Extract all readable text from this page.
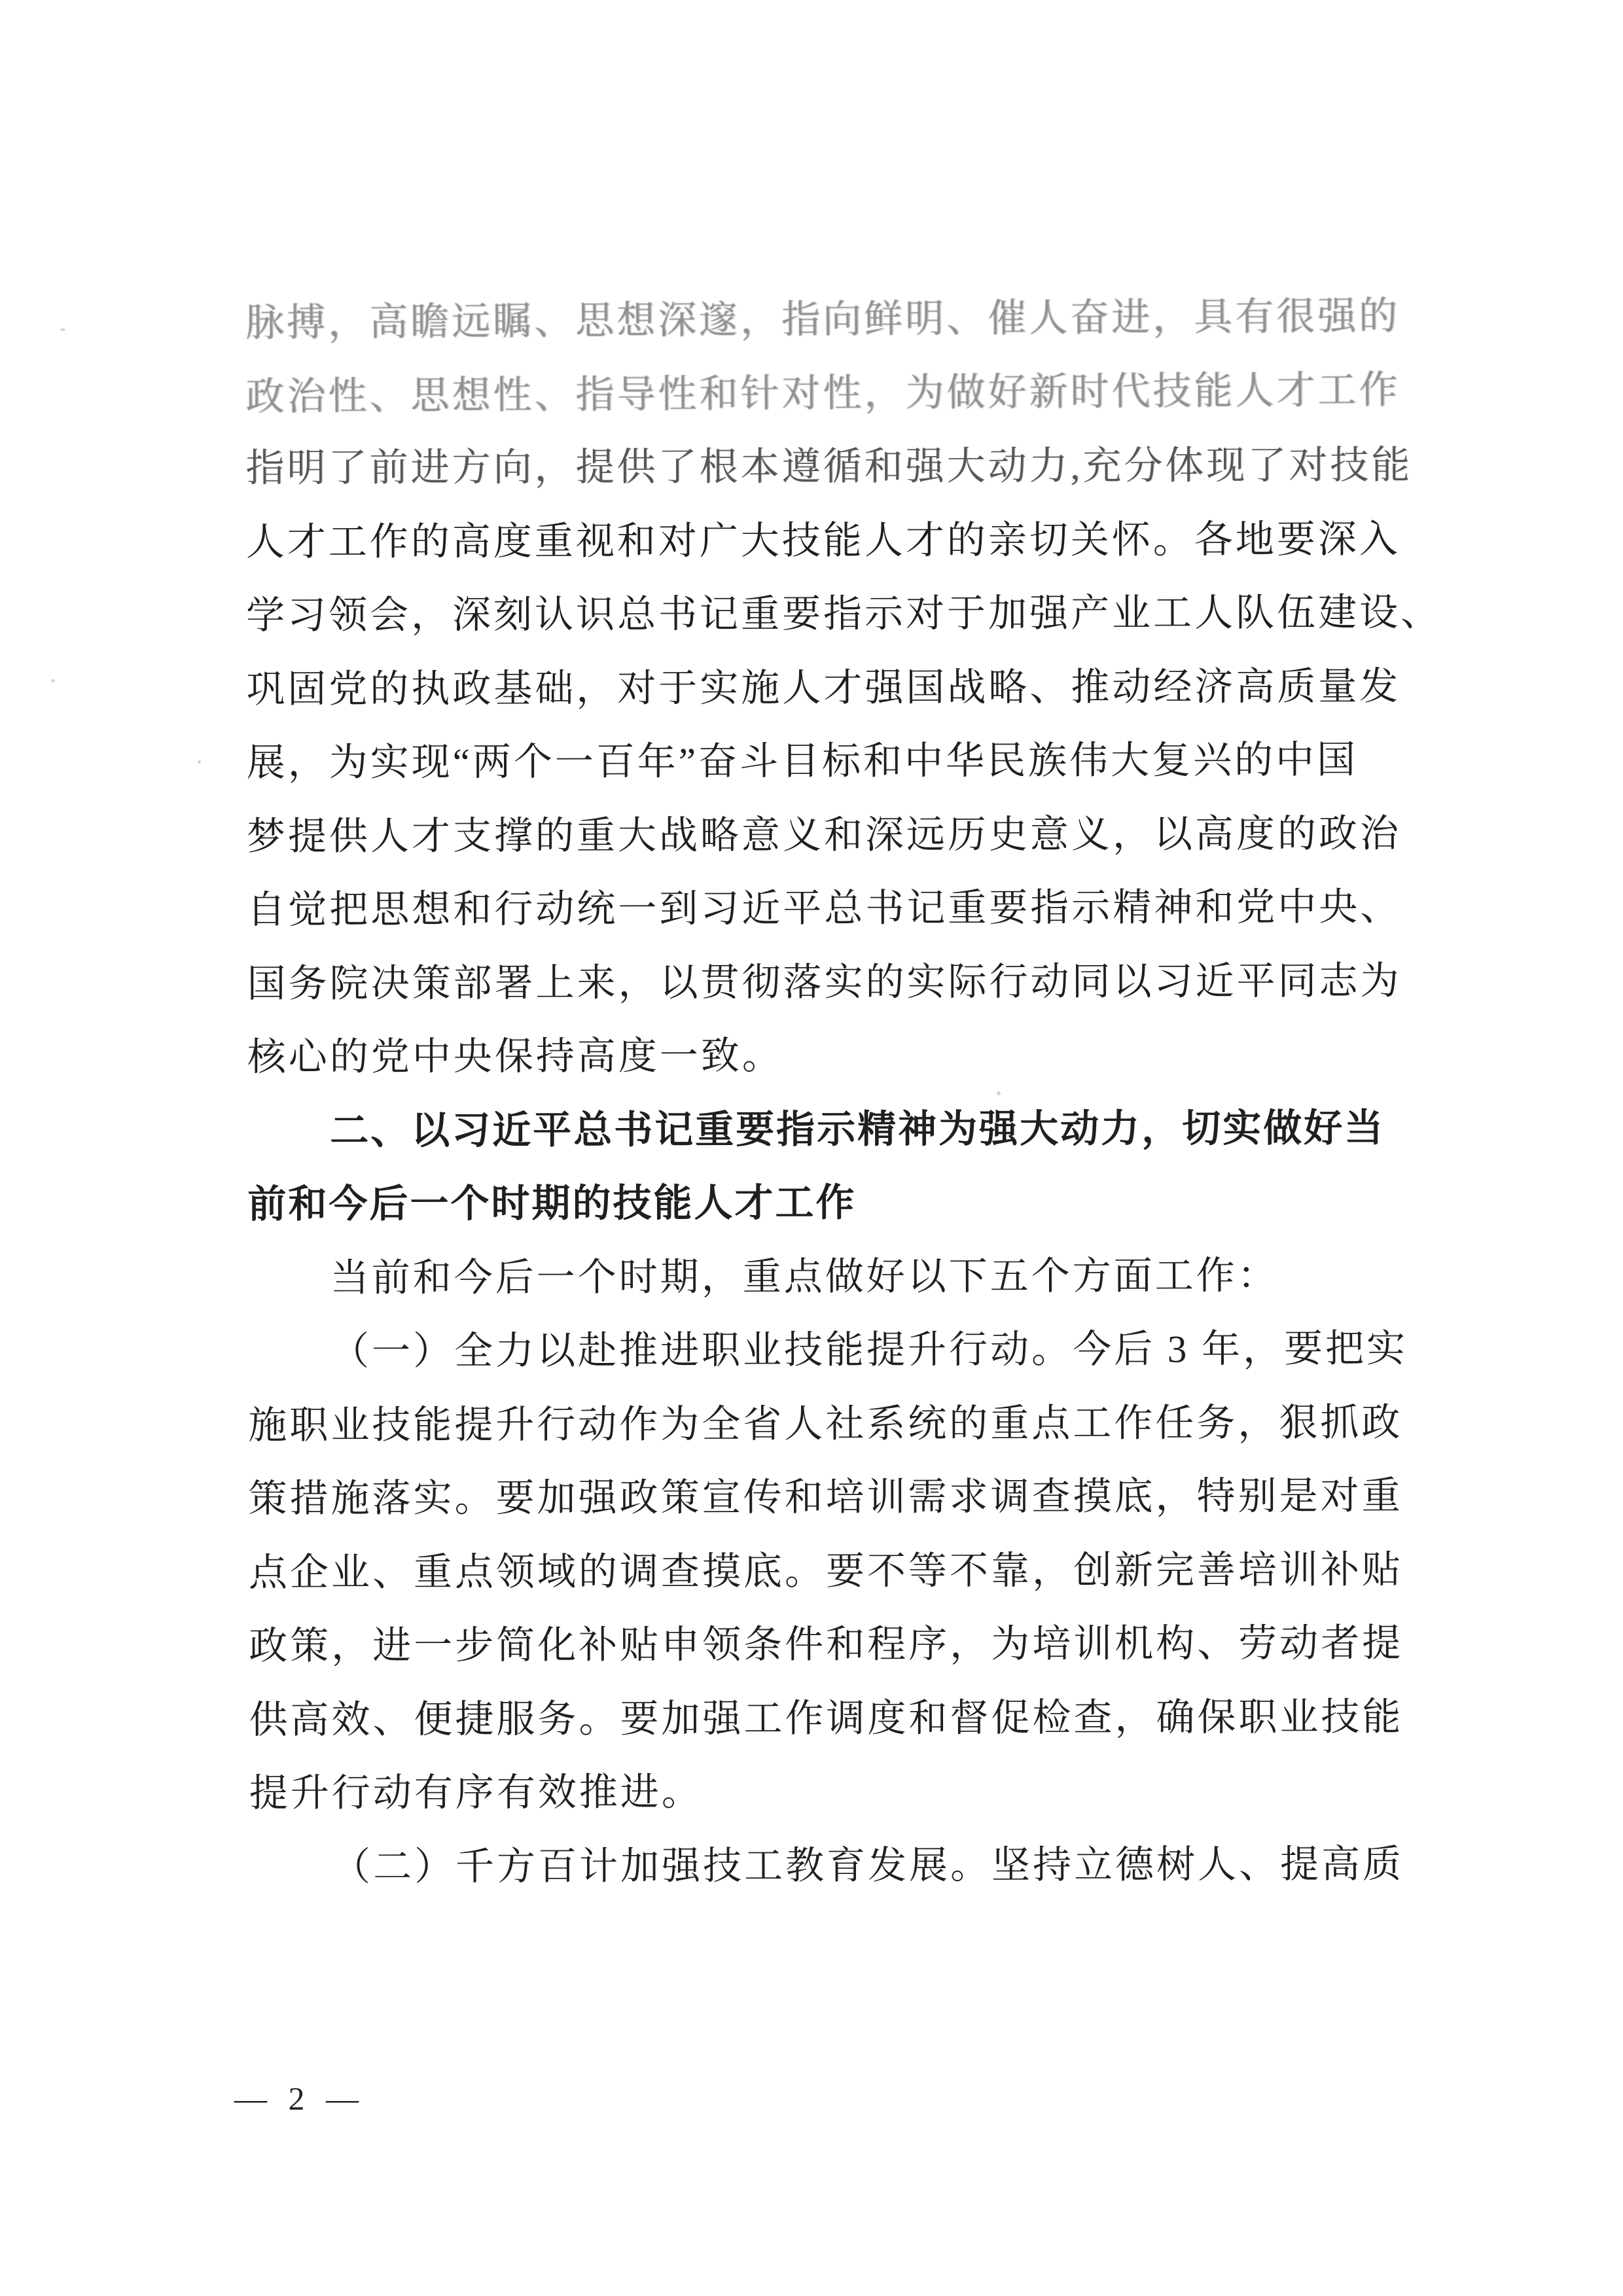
脉搏，高瞻远瞩、思想深邃，指向鲜明、催人奋进，具有很强的
政治性、思想性、指导性和针对性，为做好新时代技能人才工作
指明了前进方向，提供了根本遵循和强大动力,充分体现了对技能
人才工作的高度重视和对广大技能人才的亲切关怀。各地要深入
学习领会，深刻认识总书记重要指示对于加强产业工人队伍建设、
巩固党的执政基础，对于实施人才强国战略、推动经济高质量发
展，为实现“两个一百年”奋斗目标和中华民族伟大复兴的中国
梦提供人才支撑的重大战略意义和深远历史意义，以高度的政治
自觉把思想和行动统一到习近平总书记重要指示精神和党中央、
国务院决策部署上来，以贯彻落实的实际行动同以习近平同志为
核心的党中央保持高度一致。
二、以习近平总书记重要指示精神为强大动力，切实做好当
前和今后一个时期的技能人才工作
当前和今后一个时期，重点做好以下五个方面工作：
（一）全力以赴推进职业技能提升行动。今后 3 年，要把实
施职业技能提升行动作为全省人社系统的重点工作任务，狠抓政
策措施落实。要加强政策宣传和培训需求调查摸底，特别是对重
点企业、重点领域的调查摸底。要不等不靠，创新完善培训补贴
政策，进一步简化补贴申领条件和程序，为培训机构、劳动者提
供高效、便捷服务。要加强工作调度和督促检查，确保职业技能
提升行动有序有效推进。
（二）千方百计加强技工教育发展。坚持立德树人、提高质
— 2 —
